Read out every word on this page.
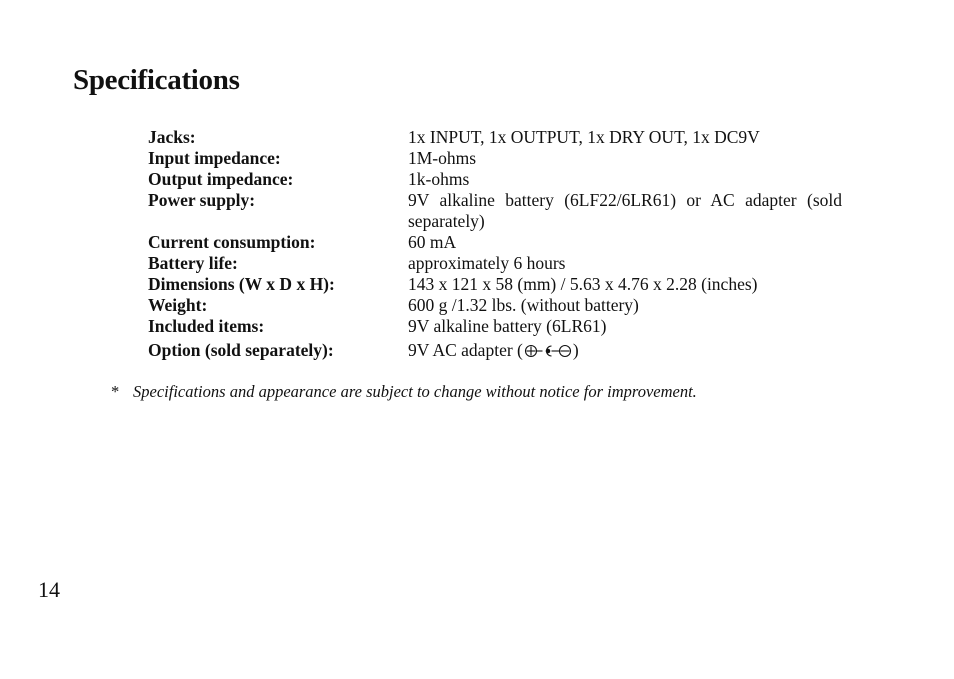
Specifications
Jacks:	1x INPUT, 1x OUTPUT, 1x DRY OUT, 1x DC9V
Input impedance:	1M-ohms
Output impedance:	1k-ohms
Power supply:	9V alkaline battery (6LF22/6LR61) or AC adapter (sold separately)
Current consumption:	60 mA
Battery life:	approximately 6 hours
Dimensions (W x D x H):	143 x 121 x 58 (mm) / 5.63 x 4.76 x 2.28 (inches)
Weight:	600 g /1.32 lbs. (without battery)
Included items:	9V alkaline battery (6LR61)
Option (sold separately):	9V AC adapter (	)
* Specifications and appearance are subject to change without notice for improvement.
14
